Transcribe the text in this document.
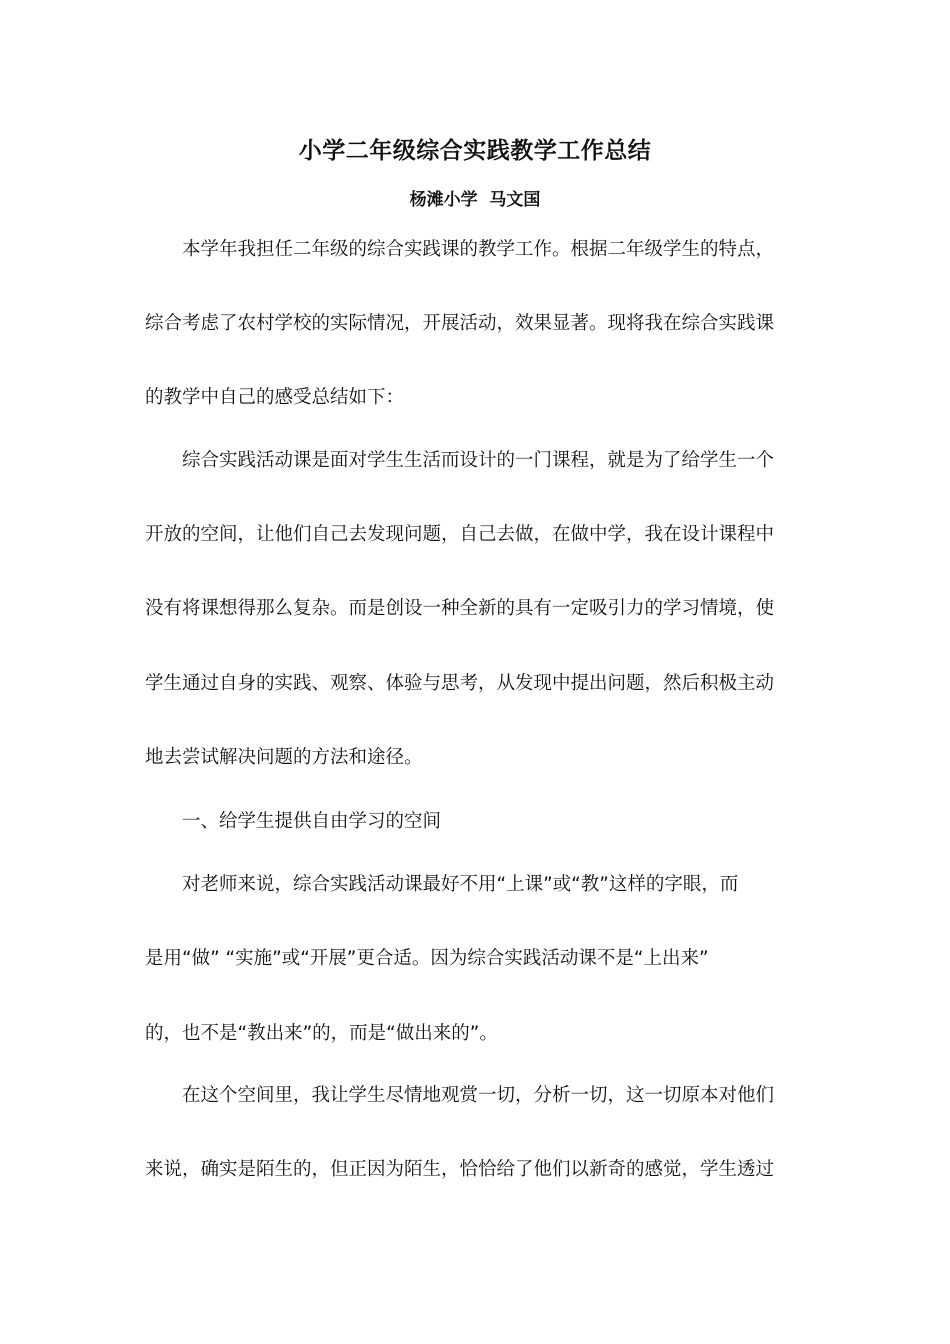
小学二年级综合实践教学工作总结
杨滩小学  马文国
本学年我担任二年级的综合实践课的教学工作。根据二年级学生的特点，
综合考虑了农村学校的实际情况，开展活动，效果显著。现将我在综合实践课
的教学中自己的感受总结如下：
综合实践活动课是面对学生生活而设计的一门课程，就是为了给学生一个
开放的空间，让他们自己去发现问题，自己去做，在做中学，我在设计课程中
没有将课想得那么复杂。而是创设一种全新的具有一定吸引力的学习情境，使
学生通过自身的实践、观察、体验与思考，从发现中提出问题，然后积极主动
地去尝试解决问题的方法和途径。
一、给学生提供自由学习的空间
对老师来说，综合实践活动课最好不用“上课”或“教”这样的字眼，而
是用“做” “实施”或“开展”更合适。因为综合实践活动课不是“上出来”
的，也不是“教出来”的，而是“做出来的”。
在这个空间里，我让学生尽情地观赏一切，分析一切，这一切原本对他们
来说，确实是陌生的，但正因为陌生，恰恰给了他们以新奇的感觉，学生透过
